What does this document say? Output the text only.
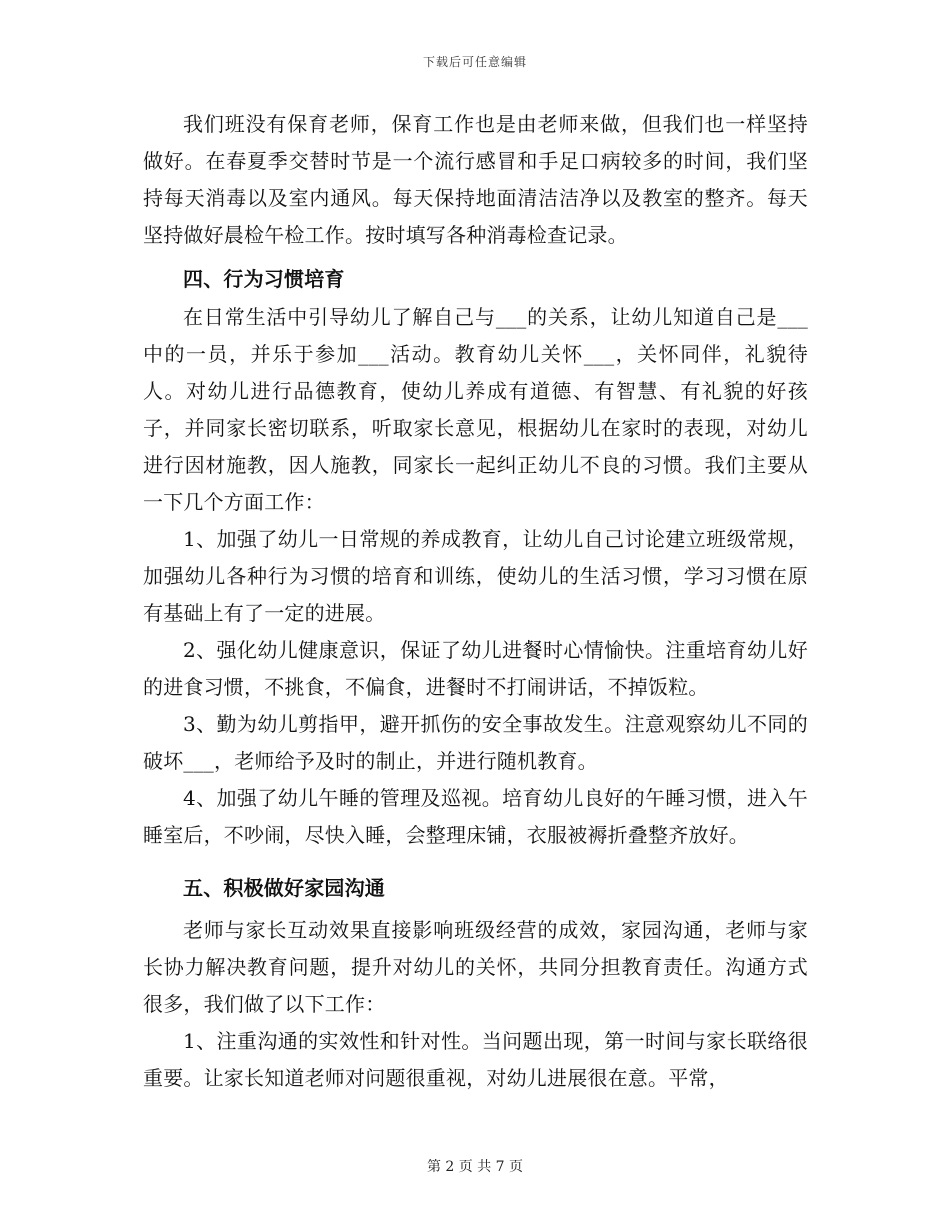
下载后可任意编辑

我们班没有保育老师，保育工作也是由老师来做，但我们也一样坚持做好。在春夏季交替时节是一个流行感冒和手足口病较多的时间，我们坚持每天消毒以及室内通风。每天保持地面清洁洁净以及教室的整齐。每天坚持做好晨检午检工作。按时填写各种消毒检查记录。

四、行为习惯培育

在日常生活中引导幼儿了解自己与___的关系，让幼儿知道自己是___中的一员，并乐于参加___活动。教育幼儿关怀___，关怀同伴，礼貌待人。对幼儿进行品德教育，使幼儿养成有道德、有智慧、有礼貌的好孩子，并同家长密切联系，听取家长意见，根据幼儿在家时的表现，对幼儿进行因材施教，因人施教，同家长一起纠正幼儿不良的习惯。我们主要从一下几个方面工作：

1、加强了幼儿一日常规的养成教育，让幼儿自己讨论建立班级常规，加强幼儿各种行为习惯的培育和训练，使幼儿的生活习惯，学习习惯在原有基础上有了一定的进展。

2、强化幼儿健康意识，保证了幼儿进餐时心情愉快。注重培育幼儿好的进食习惯，不挑食，不偏食，进餐时不打闹讲话，不掉饭粒。

3、勤为幼儿剪指甲，避开抓伤的安全事故发生。注意观察幼儿不同的破坏___，老师给予及时的制止，并进行随机教育。

4、加强了幼儿午睡的管理及巡视。培育幼儿良好的午睡习惯，进入午睡室后，不吵闹，尽快入睡，会整理床铺，衣服被褥折叠整齐放好。

五、积极做好家园沟通

老师与家长互动效果直接影响班级经营的成效，家园沟通，老师与家长协力解决教育问题，提升对幼儿的关怀，共同分担教育责任。沟通方式很多，我们做了以下工作：

1、注重沟通的实效性和针对性。当问题出现，第一时间与家长联络很重要。让家长知道老师对问题很重视，对幼儿进展很在意。平常，

第 2 页 共 7 页
